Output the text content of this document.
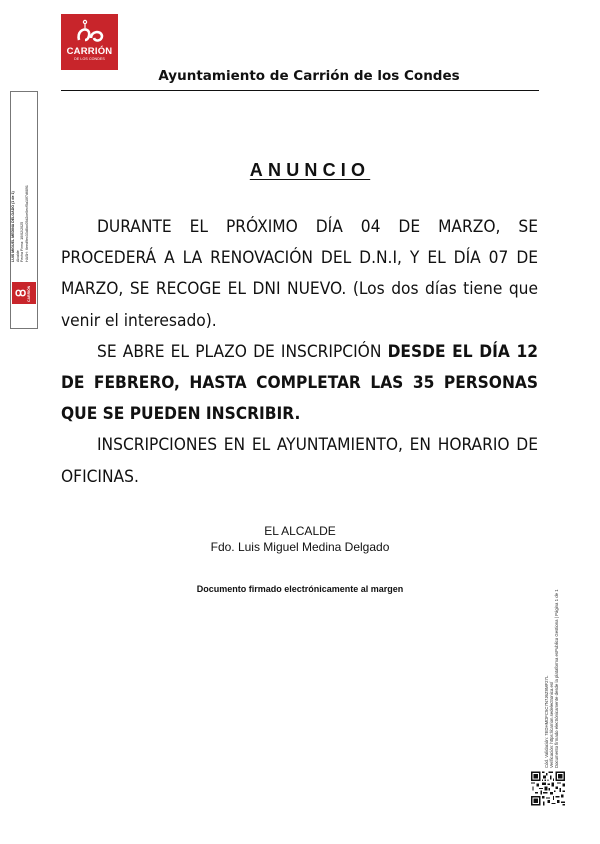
CARRIÓN
DE LOS CONDES
Ayuntamiento de Carrión de los Condes
LUIS MIGUEL MEDINA DELGADO (1 de 1) Alcalde Fecha Firma: 10/02/2025 HASH: 6eed9ec33d8cc05d2ce0ecf5a10f7d6891
ꝏ CARRIÓN
ANUNCIO

DURANTE EL PRÓXIMO DÍA 04 DE MARZO, SE PROCEDERÁ A LA RENOVACIÓN DEL D.N.I, Y EL DÍA 07 DE MARZO, SE RECOGE EL DNI NUEVO. (Los dos días tiene que venir el interesado).

SE ABRE EL PLAZO DE INSCRIPCIÓN DESDE EL DÍA 12 DE FEBRERO, HASTA COMPLETAR LAS 35 PERSONAS QUE SE PUEDEN INSCRIBIR.

INSCRIPCIONES EN EL AYUNTAMIENTO, EN HORARIO DE OFICINAS.

EL ALCALDE
Fdo. Luis Miguel Medina Delgado
Documento firmado electrónicamente al margen
Cód. Validación: 7EDHMDFC5C7N7J6Z9MF27L Verificación: https://carrion.sedelectronica.es/ Documento firmado electrónicamente desde la plataforma esPublico Gestiona | Página 1 de 1
